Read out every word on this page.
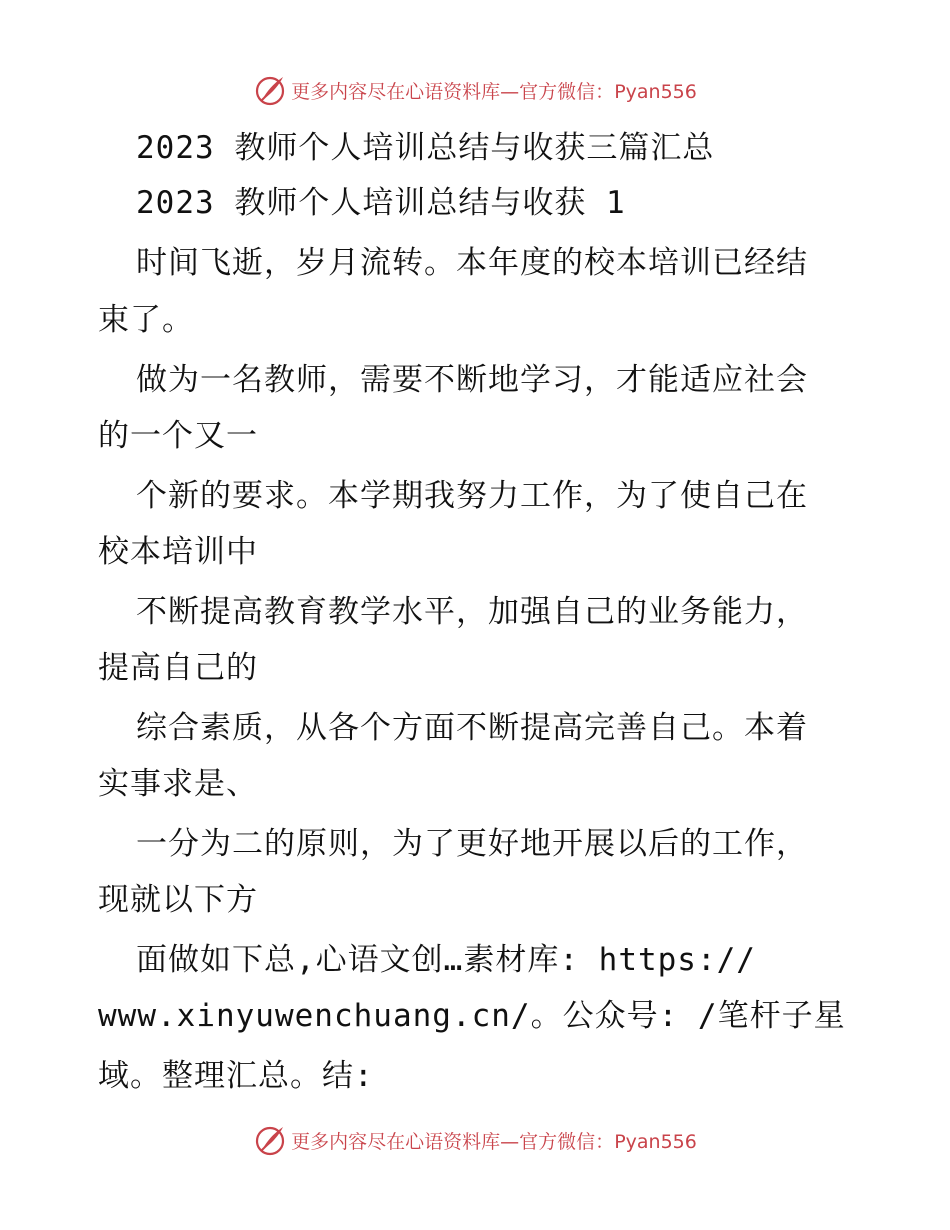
更多内容尽在心语资料库—官方微信：Pyan556
2023 教师个人培训总结与收获三篇汇总
2023 教师个人培训总结与收获 1
时间飞逝，岁月流转。本年度的校本培训已经结
束了。
做为一名教师，需要不断地学习，才能适应社会
的一个又一
个新的要求。本学期我努力工作，为了使自己在
校本培训中
不断提高教育教学水平，加强自己的业务能力，
提高自己的
综合素质，从各个方面不断提高完善自己。本着
实事求是、
一分为二的原则，为了更好地开展以后的工作，
现就以下方
面做如下总,心语文创…素材库: https://
www.xinyuwenchuang.cn/。公众号: /笔杆子星
域。整理汇总。结:
更多内容尽在心语资料库—官方微信：Pyan556
